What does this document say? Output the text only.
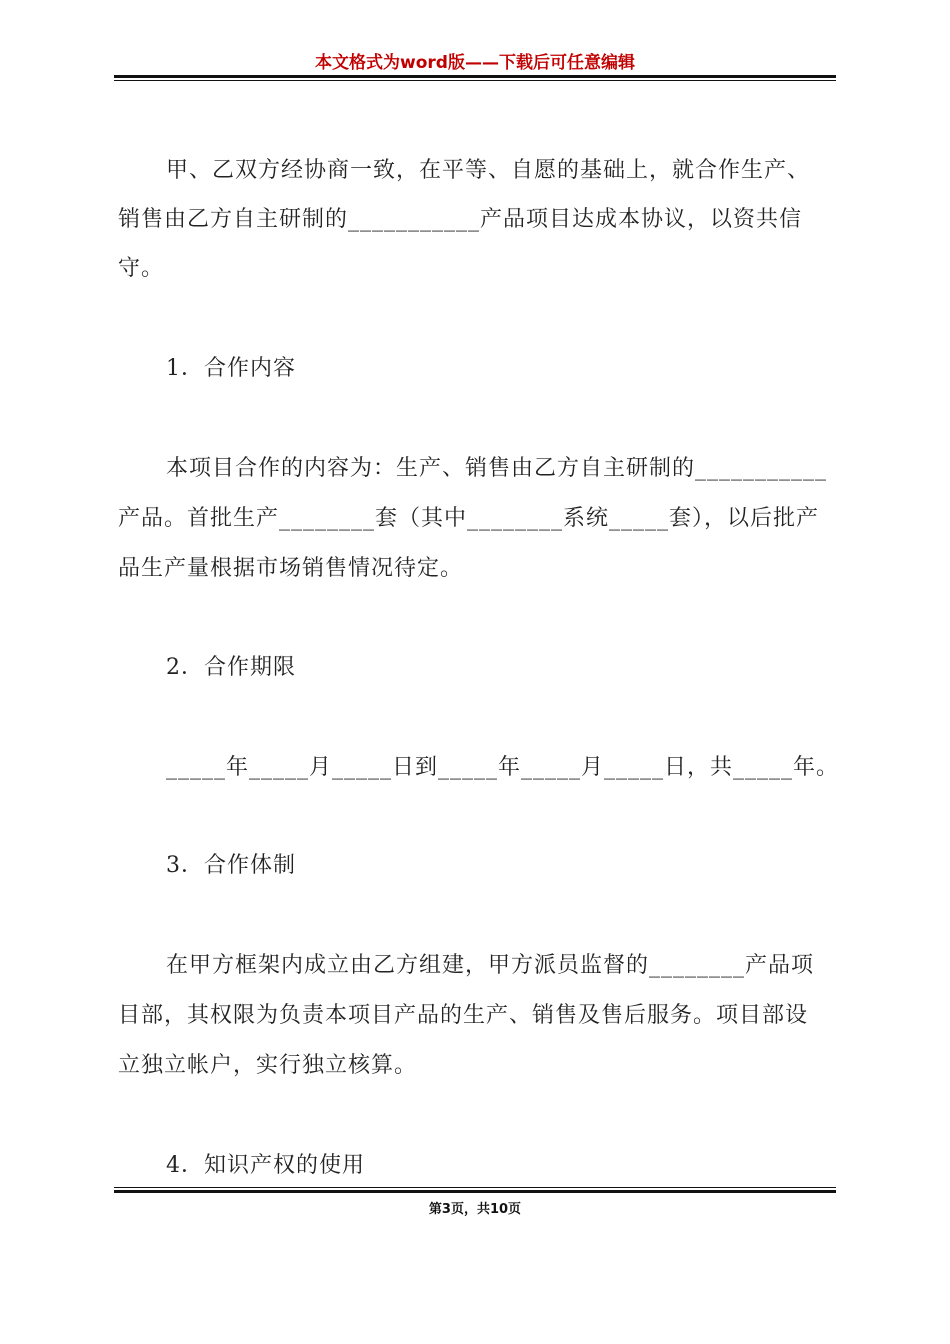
本文格式为word版——下载后可任意编辑
甲、乙双方经协商一致，在平等、自愿的基础上，就合作生产、
销售由乙方自主研制的___________产品项目达成本协议，以资共信
守。
1．合作内容
本项目合作的内容为：生产、销售由乙方自主研制的___________
产品。首批生产________套（其中________系统_____套），以后批产
品生产量根据市场销售情况待定。
2．合作期限
_____年_____月_____日到_____年_____月_____日，共_____年。
3．合作体制
在甲方框架内成立由乙方组建，甲方派员监督的________产品项
目部，其权限为负责本项目产品的生产、销售及售后服务。项目部设
立独立帐户，实行独立核算。
4．知识产权的使用
第3页，共10页
